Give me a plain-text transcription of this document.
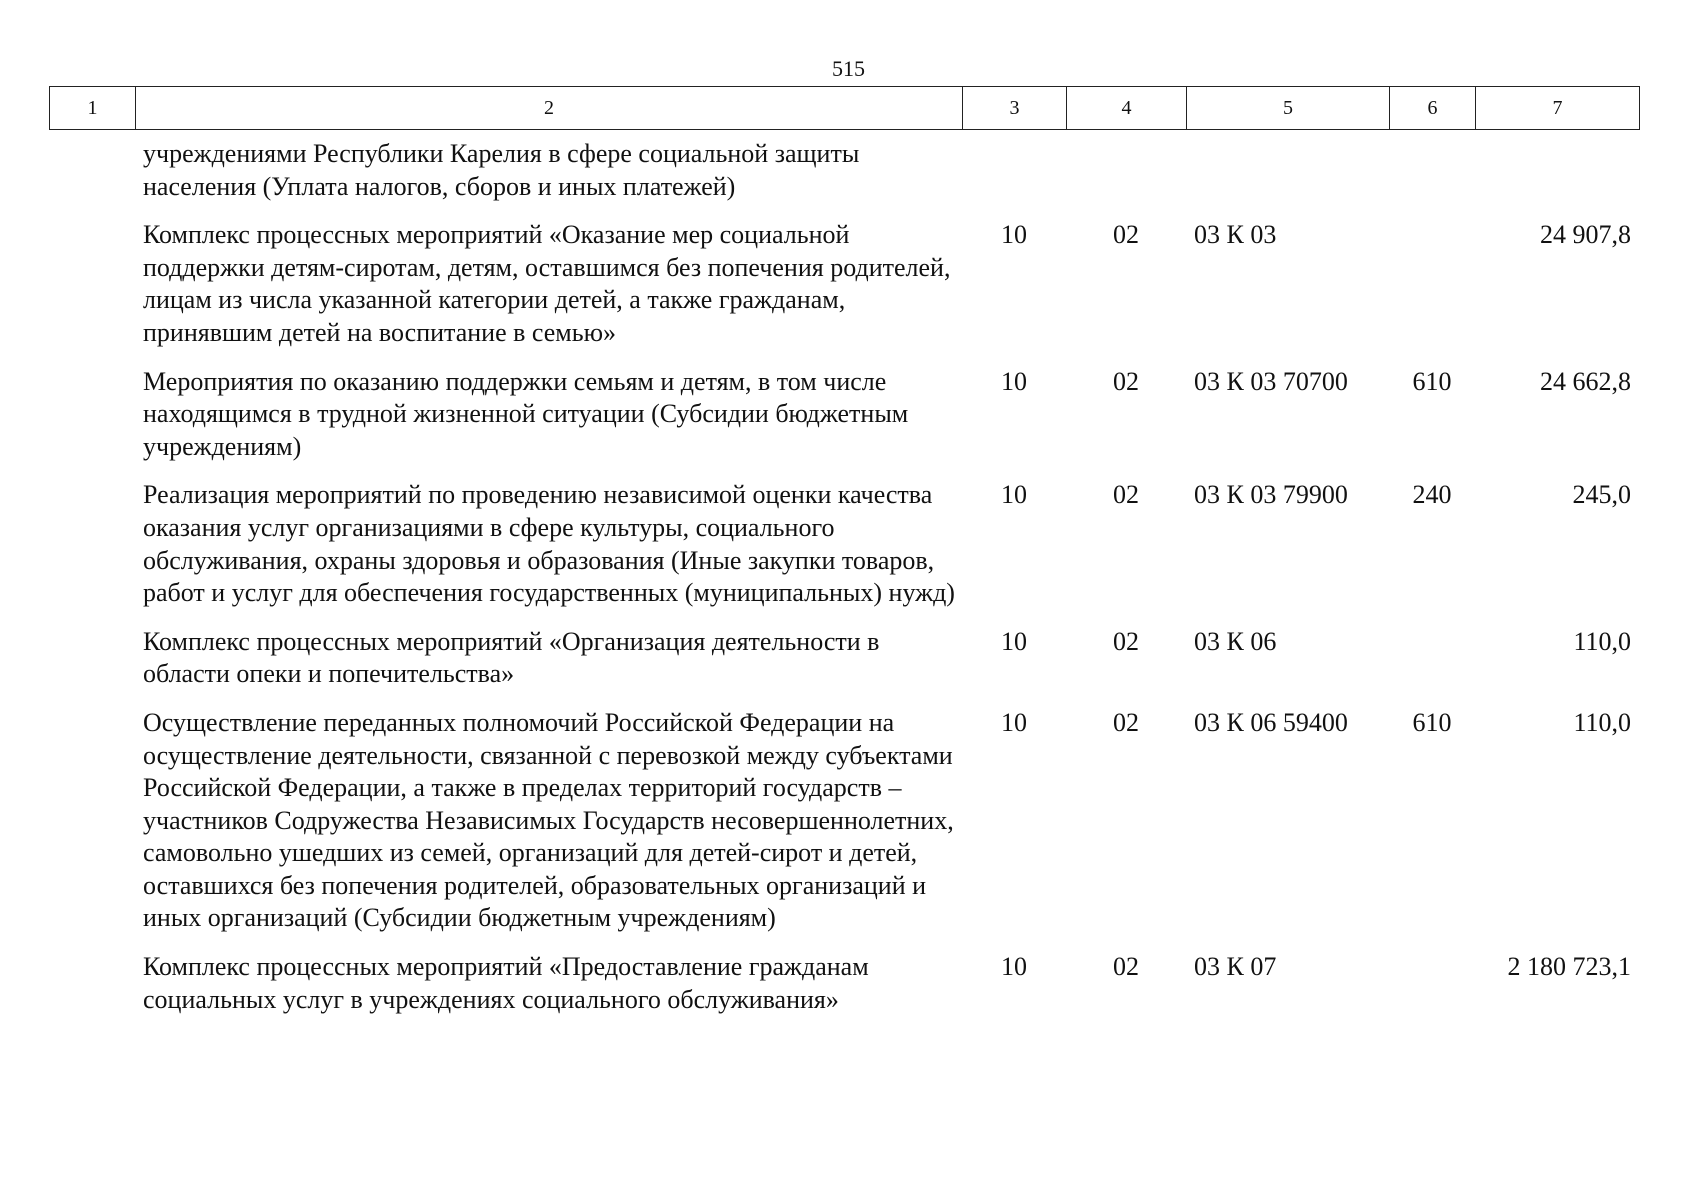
515
1	2	3	4	5	6	7
учреждениями Республики Карелия в сфере социальной защиты населения (Уплата налогов, сборов и иных платежей)					
Комплекс процессных мероприятий «Оказание мер социальной поддержки детям-сиротам, детям, оставшимся без попечения родителей, лицам из числа указанной категории детей, а также гражданам, принявшим детей на воспитание в семью»	10	02	03 К 03		24 907,8
Мероприятия по оказанию поддержки семьям и детям, в том числе находящимся в трудной жизненной ситуации (Субсидии бюджетным учреждениям)	10	02	03 К 03 70700	610	24 662,8
Реализация мероприятий по проведению независимой оценки качества оказания услуг организациями в сфере культуры, социального обслуживания, охраны здоровья и образования (Иные закупки товаров, работ и услуг для обеспечения государственных (муниципальных) нужд)	10	02	03 К 03 79900	240	245,0
Комплекс процессных мероприятий «Организация деятельности в области опеки и попечительства»	10	02	03 К 06		110,0
Осуществление переданных полномочий Российской Федерации на осуществление деятельности, связанной с перевозкой между субъектами Российской Федерации, а также в пределах территорий государств – участников Содружества Независимых Государств несовершеннолетних, самовольно ушедших из семей, организаций для детей-сирот и детей, оставшихся без попечения родителей, образовательных организаций и иных организаций (Субсидии бюджетным учреждениям)	10	02	03 К 06 59400	610	110,0
Комплекс процессных мероприятий «Предоставление гражданам социальных услуг в учреждениях социального обслуживания»	10	02	03 К 07		2 180 723,1
